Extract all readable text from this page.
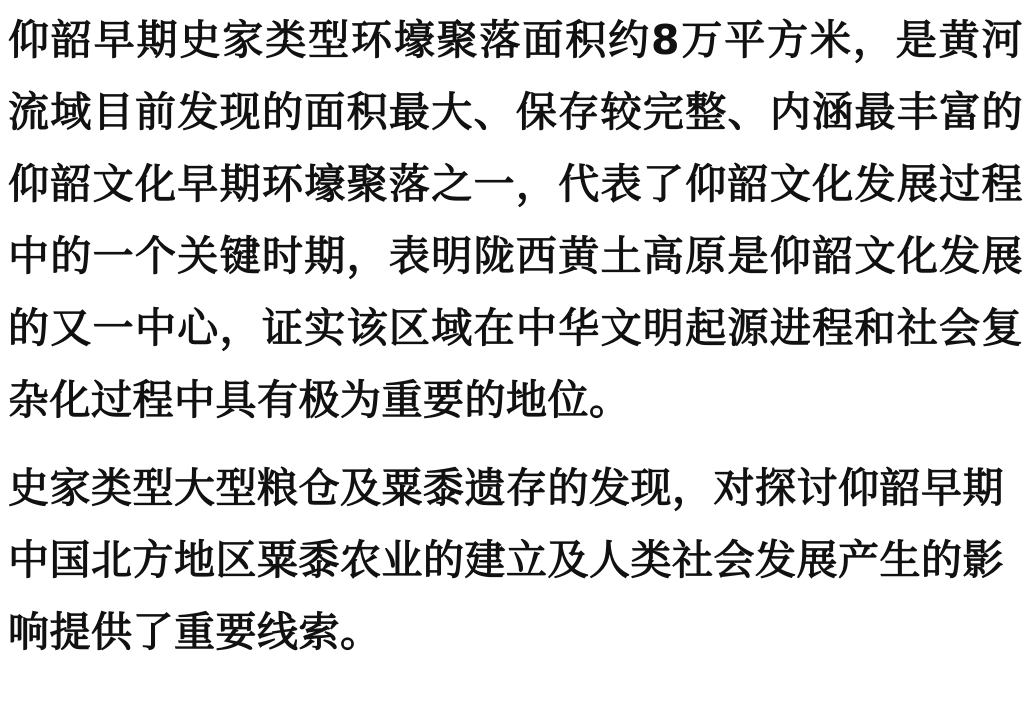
仰韶早期史家类型环壕聚落面积约8万平方米，是黄河流域目前发现的面积最大、保存较完整、内涵最丰富的仰韶文化早期环壕聚落之一，代表了仰韶文化发展过程中的一个关键时期，表明陇西黄土高原是仰韶文化发展的又一中心，证实该区域在中华文明起源进程和社会复杂化过程中具有极为重要的地位。

史家类型大型粮仓及粟黍遗存的发现，对探讨仰韶早期中国北方地区粟黍农业的建立及人类社会发展产生的影响提供了重要线索。
